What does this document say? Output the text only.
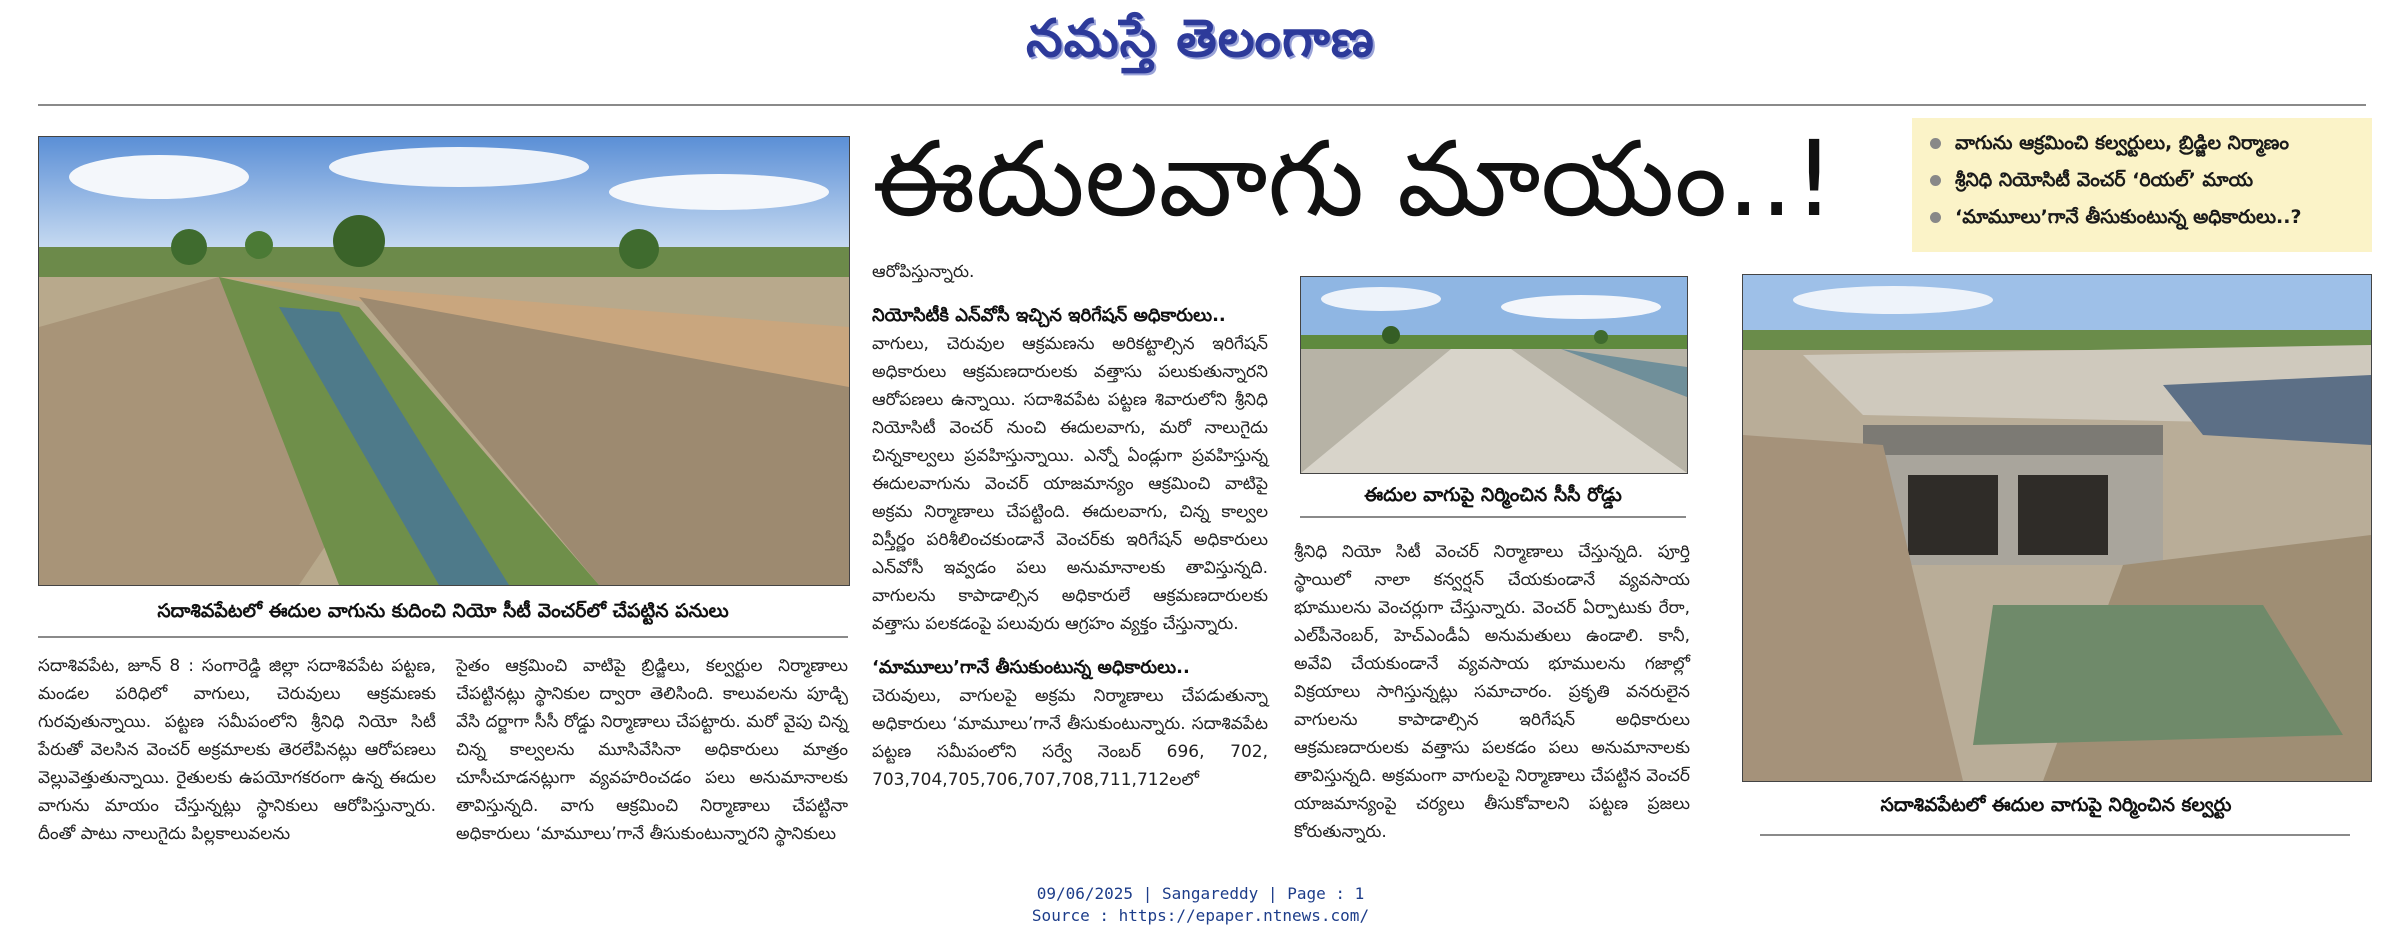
నమస్తే తెలంగాణ
సదాశివపేటలో ఈదుల వాగును కుదించి నియో సీటీ వెంచర్‌లో చేపట్టిన పనులు
ఈదులవాగు మాయం..!	వాగును ఆక్రమించి కల్వర్టులు, బ్రిడ్జిల నిర్మాణం
శ్రీనిధి నియోసిటీ వెంచర్ ‘రియల్’ మాయ
‘మామూలు’గానే తీసుకుంటున్న అధికారులు..?
ఈదుల వాగుపై నిర్మించిన సీసీ రోడ్డు
సదాశివపేటలో ఈదుల వాగుపై నిర్మించిన కల్వర్టు

సదాశివపేట, జూన్ 8 : సంగారెడ్డి జిల్లా సదాశివపేట పట్టణ, మండల పరిధిలో వాగులు, చెరువులు ఆక్రమణకు గురవుతున్నాయి. పట్టణ సమీపంలోని శ్రీనిధి నియో సిటీ పేరుతో వెలసిన వెంచర్ అక్రమాలకు తెరలేపినట్లు ఆరోపణలు వెల్లువెత్తుతున్నాయి. రైతులకు ఉపయోగకరంగా ఉన్న ఈదుల వాగును మాయం చేస్తున్నట్లు స్థానికులు ఆరోపిస్తున్నారు. దీంతో పాటు నాలుగైదు పిల్లకాలువలను

సైతం ఆక్రమించి వాటిపై బ్రిడ్జిలు, కల్వర్టుల నిర్మాణాలు చేపట్టినట్లు స్థానికుల ద్వారా తెలిసింది. కాలువలను పూడ్చి వేసి దర్జాగా సీసీ రోడ్డు నిర్మాణాలు చేపట్టారు. మరో వైపు చిన్న చిన్న కాల్వలను మూసివేసినా అధికారులు మాత్రం చూసీచూడనట్లుగా వ్యవహరించడం పలు అనుమానాలకు తావిస్తున్నది. వాగు ఆక్రమించి నిర్మాణాలు చేపట్టినా అధికారులు ‘మామూలు’గానే తీసుకుంటున్నారని స్థానికులు

ఆరోపిస్తున్నారు.

నియోసిటీకి ఎన్‌వోసీ ఇచ్చిన ఇరిగేషన్ అధికారులు..

వాగులు, చెరువుల ఆక్రమణను అరికట్టాల్సిన ఇరిగేషన్ అధికారులు ఆక్రమణదారులకు వత్తాసు పలుకుతున్నారని ఆరోపణలు ఉన్నాయి. సదాశివపేట పట్టణ శివారులోని శ్రీనిధి నియోసిటీ వెంచర్ నుంచి ఈదులవాగు, మరో నాలుగైదు చిన్నకాల్వలు ప్రవహిస్తున్నాయి. ఎన్నో ఏండ్లుగా ప్రవహిస్తున్న ఈదులవాగును వెంచర్ యాజమాన్యం ఆక్రమించి వాటిపై అక్రమ నిర్మాణాలు చేపట్టింది. ఈదులవాగు, చిన్న కాల్వల విస్తీర్ణం పరిశీలించకుండానే వెంచర్‌కు ఇరిగేషన్ అధికారులు ఎన్‌వోసీ ఇవ్వడం పలు అనుమానాలకు తావిస్తున్నది. వాగులను కాపాడాల్సిన అధికారులే ఆక్రమణదారులకు వత్తాసు పలకడంపై పలువురు ఆగ్రహం వ్యక్తం చేస్తున్నారు.

‘మామూలు’గానే తీసుకుంటున్న అధికారులు..

చెరువులు, వాగులపై అక్రమ నిర్మాణాలు చేపడుతున్నా అధికారులు ‘మామూలు’గానే తీసుకుంటున్నారు. సదాశివపేట పట్టణ సమీపంలోని సర్వే నెంబర్ 696, 702, 703,704,705,706,707,708,711,712లలో

శ్రీనిధి నియో సిటీ వెంచర్ నిర్మాణాలు చేస్తున్నది. పూర్తి స్థాయిలో నాలా కన్వర్షన్ చేయకుండానే వ్యవసాయ భూములను వెంచర్లుగా చేస్తున్నారు. వెంచర్ ఏర్పాటుకు రేరా, ఎల్‌పీనెంబర్, హెచ్ఎండీఏ అనుమతులు ఉండాలి. కానీ, అవేవి చేయకుండానే వ్యవసాయ భూములను గజాల్లో విక్రయాలు సాగిస్తున్నట్లు సమాచారం. ప్రకృతి వనరులైన వాగులను కాపాడాల్సిన ఇరిగేషన్ అధికారులు ఆక్రమణదారులకు వత్తాసు పలకడం పలు అనుమానాలకు తావిస్తున్నది. అక్రమంగా వాగులపై నిర్మాణాలు చేపట్టిన వెంచర్ యాజమాన్యంపై చర్యలు తీసుకోవాలని పట్టణ ప్రజలు కోరుతున్నారు.

09/06/2025 | Sangareddy | Page : 1
Source : https://epaper.ntnews.com/
